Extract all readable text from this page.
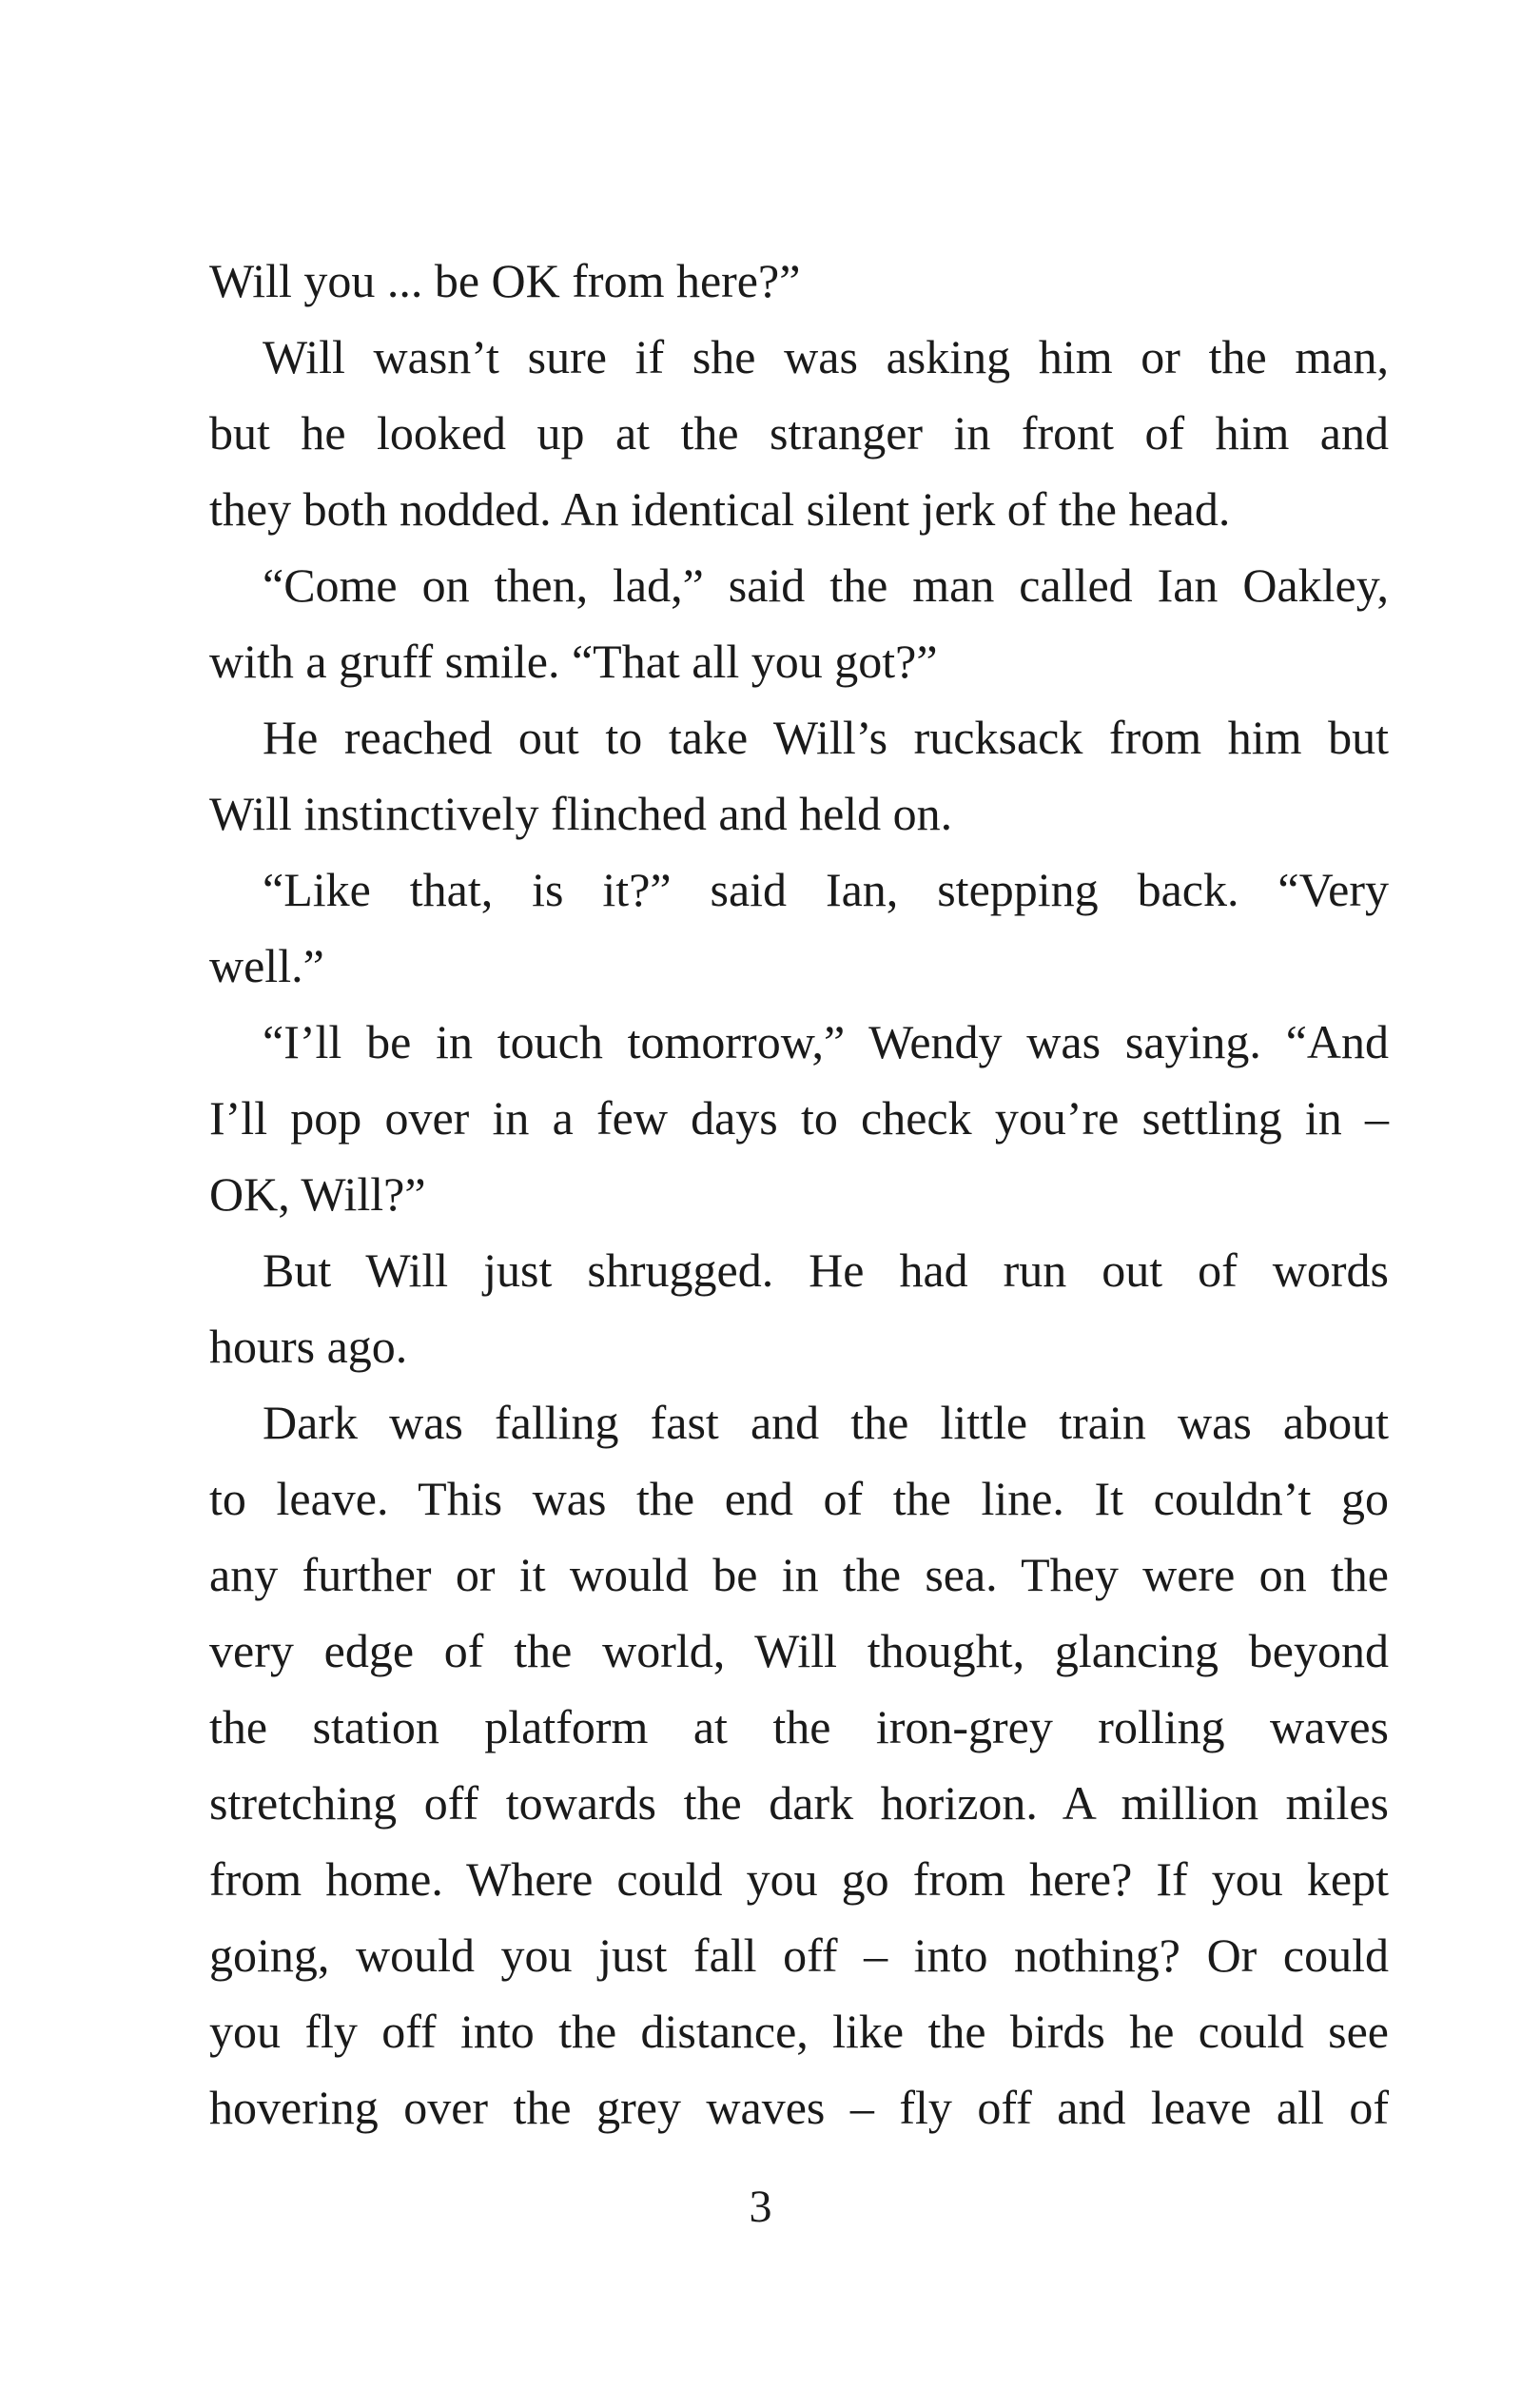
Will you ... be OK from here?”
Will wasn’t sure if she was asking him or the man,
but he looked up at the stranger in front of him and
they both nodded. An identical silent jerk of the head.
“Come on then, lad,” said the man called Ian Oakley,
with a gruff smile. “That all you got?”
He reached out to take Will’s rucksack from him but
Will instinctively flinched and held on.
“Like that, is it?” said Ian, stepping back. “Very
well.”
“I’ll be in touch tomorrow,” Wendy was saying. “And
I’ll pop over in a few days to check you’re settling in –
OK, Will?”
But Will just shrugged. He had run out of words
hours ago.
Dark was falling fast and the little train was about
to leave. This was the end of the line. It couldn’t go
any further or it would be in the sea. They were on the
very edge of the world, Will thought, glancing beyond
the station platform at the iron-grey rolling waves
stretching off towards the dark horizon. A million miles
from home. Where could you go from here? If you kept
going, would you just fall off – into nothing? Or could
you fly off into the distance, like the birds he could see
hovering over the grey waves – fly off and leave all of
3
